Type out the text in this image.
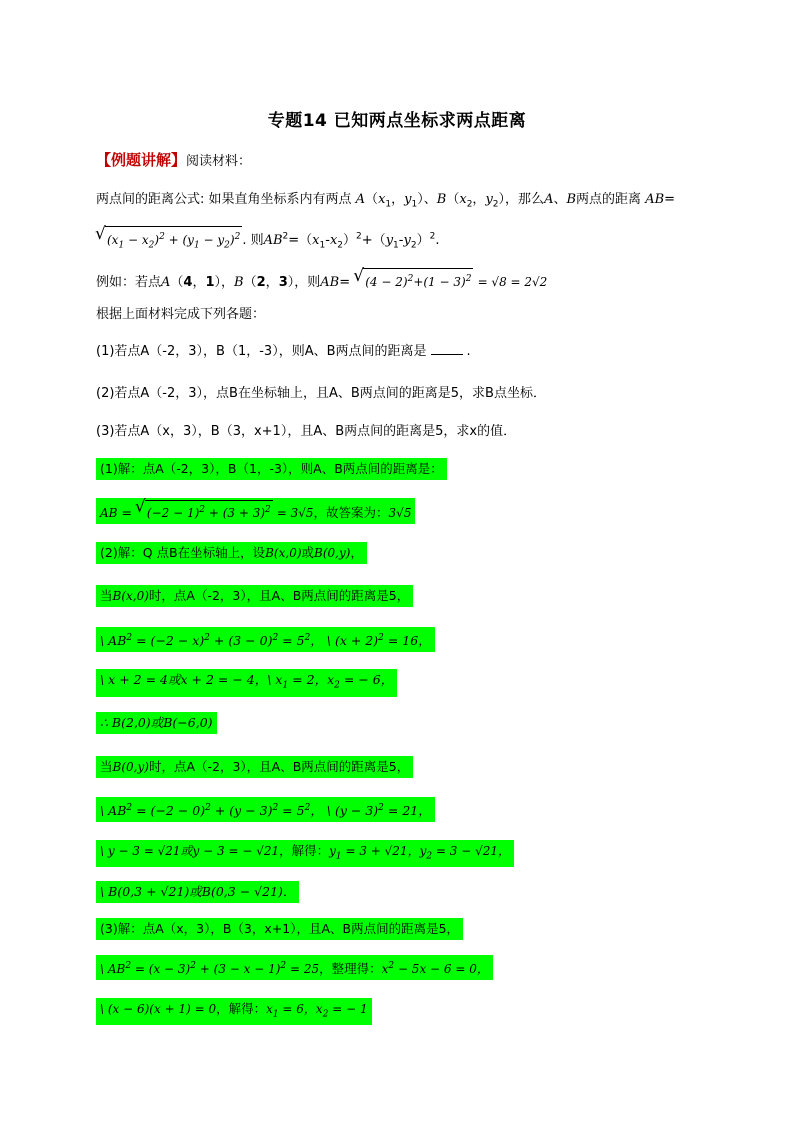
专题14 已知两点坐标求两点距离
【例题讲解】阅读材料：
两点间的距离公式: 如果直角坐标系内有两点 $A(x_1$，$y_1$）、$B(x_2$，$y_2$），那么A、B两点的距离 AB=
√ $(x_1 - x_2)^2 + (y_1 - y_2)^2$ . 则$AB^2=(x_1-x_2)^2+(y_1-y_2)^2$.
例如：若点A（4，1），B（2，3），则AB= √ $(4 - 2)^2+(1 - 3)^2 = √8 = 2√2$
根据上面材料完成下列各题：
(1)若点A（-2，3），B（1，-3），则A、B两点间的距离是	.
(2)若点A（-2，3），点B在坐标轴上，且A、B两点间的距离是5，求B点坐标．
(3)若点A（x，3），B（3，x+1），且A、B两点间的距离是5，求x的值．
(1)解：点A（-2，3），B（1，-3），则A、B两点间的距离是：
AB = √ $(-2 - 1)^2 + (3 + 3)^2 = 3√5$，故答案为：3√5
(2)解：Q 点B在坐标轴上，设B(x,0)或B(0,y)，
当B(x,0)时，点A（-2，3），且A、B两点间的距离是5，
\ $AB^2 = (-2 - x)^2 + (3 - 0)^2 = 5^2$， \ $(x + 2)^2 = 16$，
\ x + 2 = 4或x + 2 = − 4，\ $x_1 = 2$，$x_2$ = − 6，
∴ B(2,0)或B(−6,0)
当B(0,y)时，点A（-2，3），且A、B两点间的距离是5，
\ $AB^2 = (-2 - 0)^2 + (y - 3)^2 = 5^2$， \ $(y - 3)^2 = 21$，
\ y − 3 = √21或y − 3 = − √21，解得：$y_1 = 3 + √21$，$y_2 = 3 - √21$，
\ B(0,3 + √21)或B(0,3 − √21)．
(3)解：点A（x，3），B（3，x+1），且A、B两点间的距离是5，
\ $AB^2 = (x - 3)^2 + (3 - x - 1)^2 = 25$，整理得：$x^2 - 5x - 6 = 0$，
\ (x − 6)(x + 1) = 0，解得：$x_1 = 6$，$x_2$ = − 1
